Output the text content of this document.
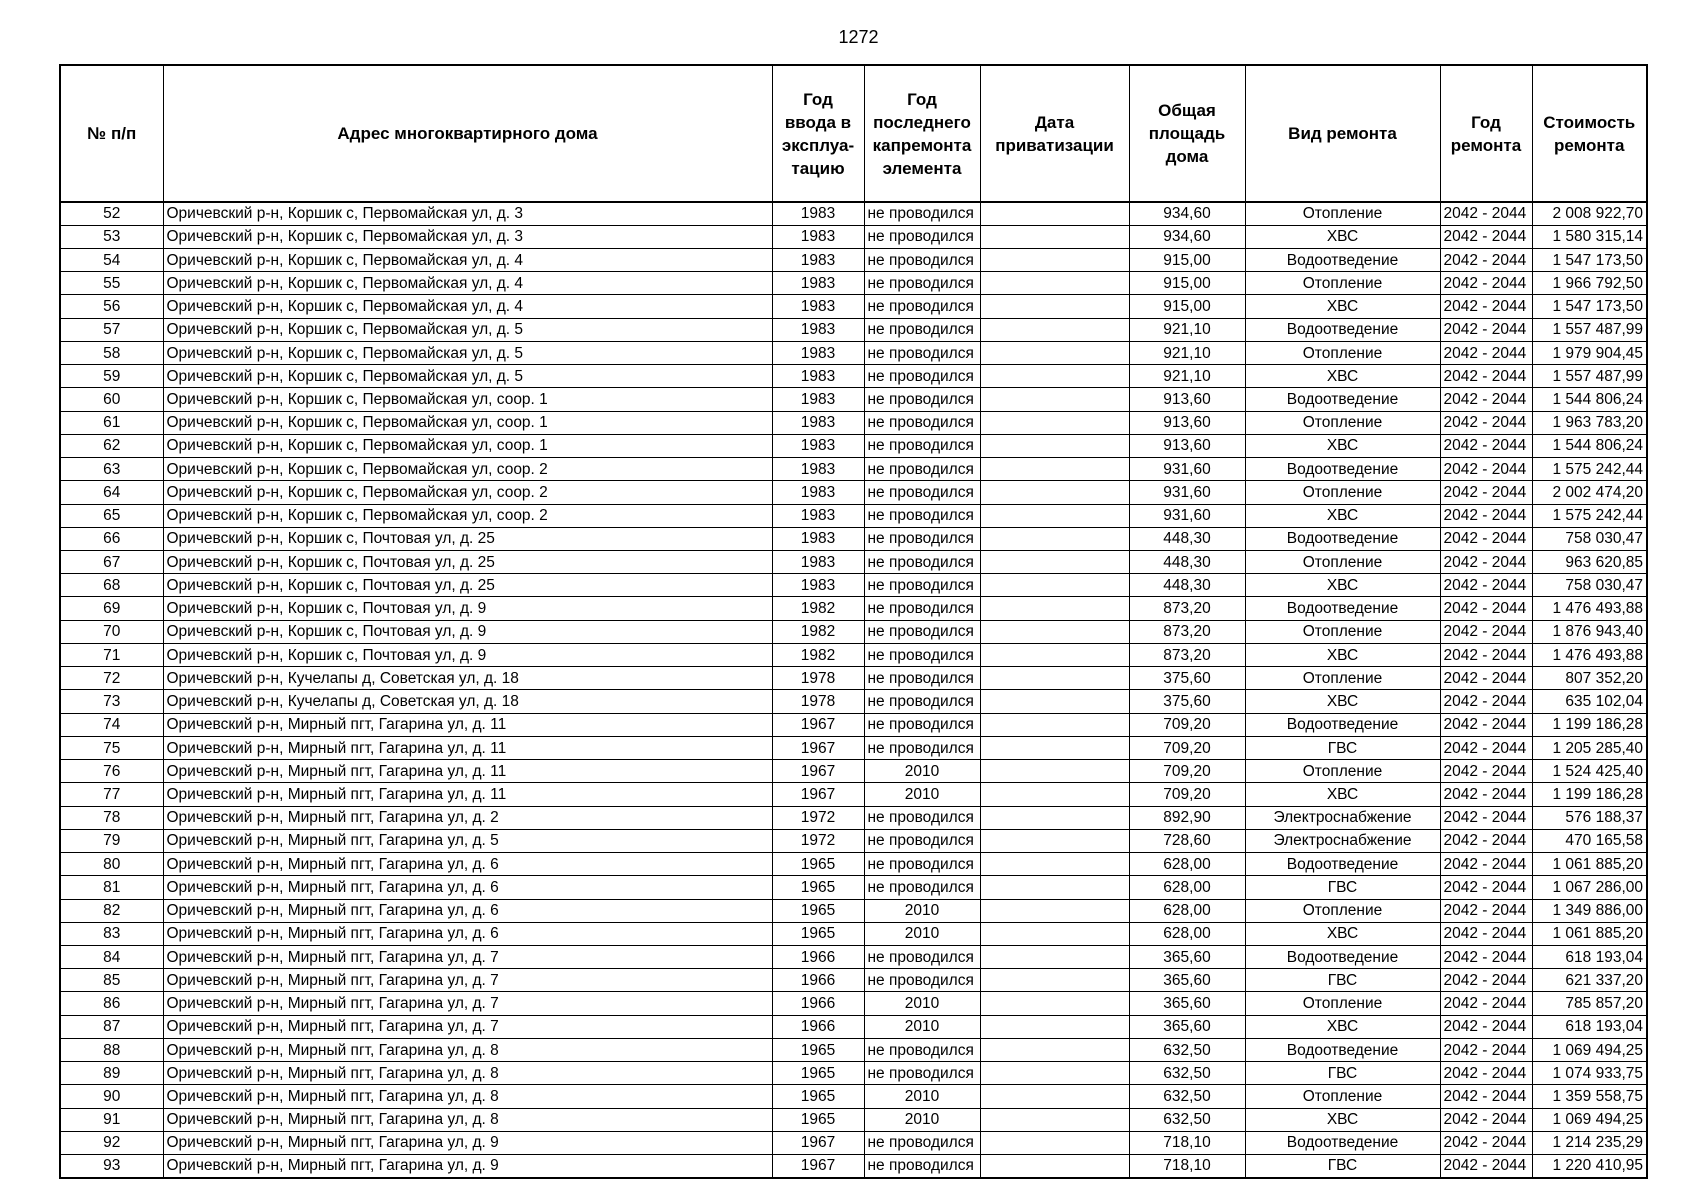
1272
№ п/п	Адрес многоквартирного дома	Год ввода в эксплуа-тацию	Год последнего капремонта элемента	Дата приватизации	Общая площадь дома	Вид ремонта	Год ремонта	Стоимость ремонта
52	Оричевский р-н, Коршик с, Первомайская ул, д. 3	1983	не проводился		934,60	Отопление	2042 - 2044	2 008 922,70
53	Оричевский р-н, Коршик с, Первомайская ул, д. 3	1983	не проводился		934,60	ХВС	2042 - 2044	1 580 315,14
54	Оричевский р-н, Коршик с, Первомайская ул, д. 4	1983	не проводился		915,00	Водоотведение	2042 - 2044	1 547 173,50
55	Оричевский р-н, Коршик с, Первомайская ул, д. 4	1983	не проводился		915,00	Отопление	2042 - 2044	1 966 792,50
56	Оричевский р-н, Коршик с, Первомайская ул, д. 4	1983	не проводился		915,00	ХВС	2042 - 2044	1 547 173,50
57	Оричевский р-н, Коршик с, Первомайская ул, д. 5	1983	не проводился		921,10	Водоотведение	2042 - 2044	1 557 487,99
58	Оричевский р-н, Коршик с, Первомайская ул, д. 5	1983	не проводился		921,10	Отопление	2042 - 2044	1 979 904,45
59	Оричевский р-н, Коршик с, Первомайская ул, д. 5	1983	не проводился		921,10	ХВС	2042 - 2044	1 557 487,99
60	Оричевский р-н, Коршик с, Первомайская ул, соор. 1	1983	не проводился		913,60	Водоотведение	2042 - 2044	1 544 806,24
61	Оричевский р-н, Коршик с, Первомайская ул, соор. 1	1983	не проводился		913,60	Отопление	2042 - 2044	1 963 783,20
62	Оричевский р-н, Коршик с, Первомайская ул, соор. 1	1983	не проводился		913,60	ХВС	2042 - 2044	1 544 806,24
63	Оричевский р-н, Коршик с, Первомайская ул, соор. 2	1983	не проводился		931,60	Водоотведение	2042 - 2044	1 575 242,44
64	Оричевский р-н, Коршик с, Первомайская ул, соор. 2	1983	не проводился		931,60	Отопление	2042 - 2044	2 002 474,20
65	Оричевский р-н, Коршик с, Первомайская ул, соор. 2	1983	не проводился		931,60	ХВС	2042 - 2044	1 575 242,44
66	Оричевский р-н, Коршик с, Почтовая ул, д. 25	1983	не проводился		448,30	Водоотведение	2042 - 2044	758 030,47
67	Оричевский р-н, Коршик с, Почтовая ул, д. 25	1983	не проводился		448,30	Отопление	2042 - 2044	963 620,85
68	Оричевский р-н, Коршик с, Почтовая ул, д. 25	1983	не проводился		448,30	ХВС	2042 - 2044	758 030,47
69	Оричевский р-н, Коршик с, Почтовая ул, д. 9	1982	не проводился		873,20	Водоотведение	2042 - 2044	1 476 493,88
70	Оричевский р-н, Коршик с, Почтовая ул, д. 9	1982	не проводился		873,20	Отопление	2042 - 2044	1 876 943,40
71	Оричевский р-н, Коршик с, Почтовая ул, д. 9	1982	не проводился		873,20	ХВС	2042 - 2044	1 476 493,88
72	Оричевский р-н, Кучелапы д, Советская ул, д. 18	1978	не проводился		375,60	Отопление	2042 - 2044	807 352,20
73	Оричевский р-н, Кучелапы д, Советская ул, д. 18	1978	не проводился		375,60	ХВС	2042 - 2044	635 102,04
74	Оричевский р-н, Мирный пгт, Гагарина ул, д. 11	1967	не проводился		709,20	Водоотведение	2042 - 2044	1 199 186,28
75	Оричевский р-н, Мирный пгт, Гагарина ул, д. 11	1967	не проводился		709,20	ГВС	2042 - 2044	1 205 285,40
76	Оричевский р-н, Мирный пгт, Гагарина ул, д. 11	1967	2010		709,20	Отопление	2042 - 2044	1 524 425,40
77	Оричевский р-н, Мирный пгт, Гагарина ул, д. 11	1967	2010		709,20	ХВС	2042 - 2044	1 199 186,28
78	Оричевский р-н, Мирный пгт, Гагарина ул, д. 2	1972	не проводился		892,90	Электроснабжение	2042 - 2044	576 188,37
79	Оричевский р-н, Мирный пгт, Гагарина ул, д. 5	1972	не проводился		728,60	Электроснабжение	2042 - 2044	470 165,58
80	Оричевский р-н, Мирный пгт, Гагарина ул, д. 6	1965	не проводился		628,00	Водоотведение	2042 - 2044	1 061 885,20
81	Оричевский р-н, Мирный пгт, Гагарина ул, д. 6	1965	не проводился		628,00	ГВС	2042 - 2044	1 067 286,00
82	Оричевский р-н, Мирный пгт, Гагарина ул, д. 6	1965	2010		628,00	Отопление	2042 - 2044	1 349 886,00
83	Оричевский р-н, Мирный пгт, Гагарина ул, д. 6	1965	2010		628,00	ХВС	2042 - 2044	1 061 885,20
84	Оричевский р-н, Мирный пгт, Гагарина ул, д. 7	1966	не проводился		365,60	Водоотведение	2042 - 2044	618 193,04
85	Оричевский р-н, Мирный пгт, Гагарина ул, д. 7	1966	не проводился		365,60	ГВС	2042 - 2044	621 337,20
86	Оричевский р-н, Мирный пгт, Гагарина ул, д. 7	1966	2010		365,60	Отопление	2042 - 2044	785 857,20
87	Оричевский р-н, Мирный пгт, Гагарина ул, д. 7	1966	2010		365,60	ХВС	2042 - 2044	618 193,04
88	Оричевский р-н, Мирный пгт, Гагарина ул, д. 8	1965	не проводился		632,50	Водоотведение	2042 - 2044	1 069 494,25
89	Оричевский р-н, Мирный пгт, Гагарина ул, д. 8	1965	не проводился		632,50	ГВС	2042 - 2044	1 074 933,75
90	Оричевский р-н, Мирный пгт, Гагарина ул, д. 8	1965	2010		632,50	Отопление	2042 - 2044	1 359 558,75
91	Оричевский р-н, Мирный пгт, Гагарина ул, д. 8	1965	2010		632,50	ХВС	2042 - 2044	1 069 494,25
92	Оричевский р-н, Мирный пгт, Гагарина ул, д. 9	1967	не проводился		718,10	Водоотведение	2042 - 2044	1 214 235,29
93	Оричевский р-н, Мирный пгт, Гагарина ул, д. 9	1967	не проводился		718,10	ГВС	2042 - 2044	1 220 410,95
